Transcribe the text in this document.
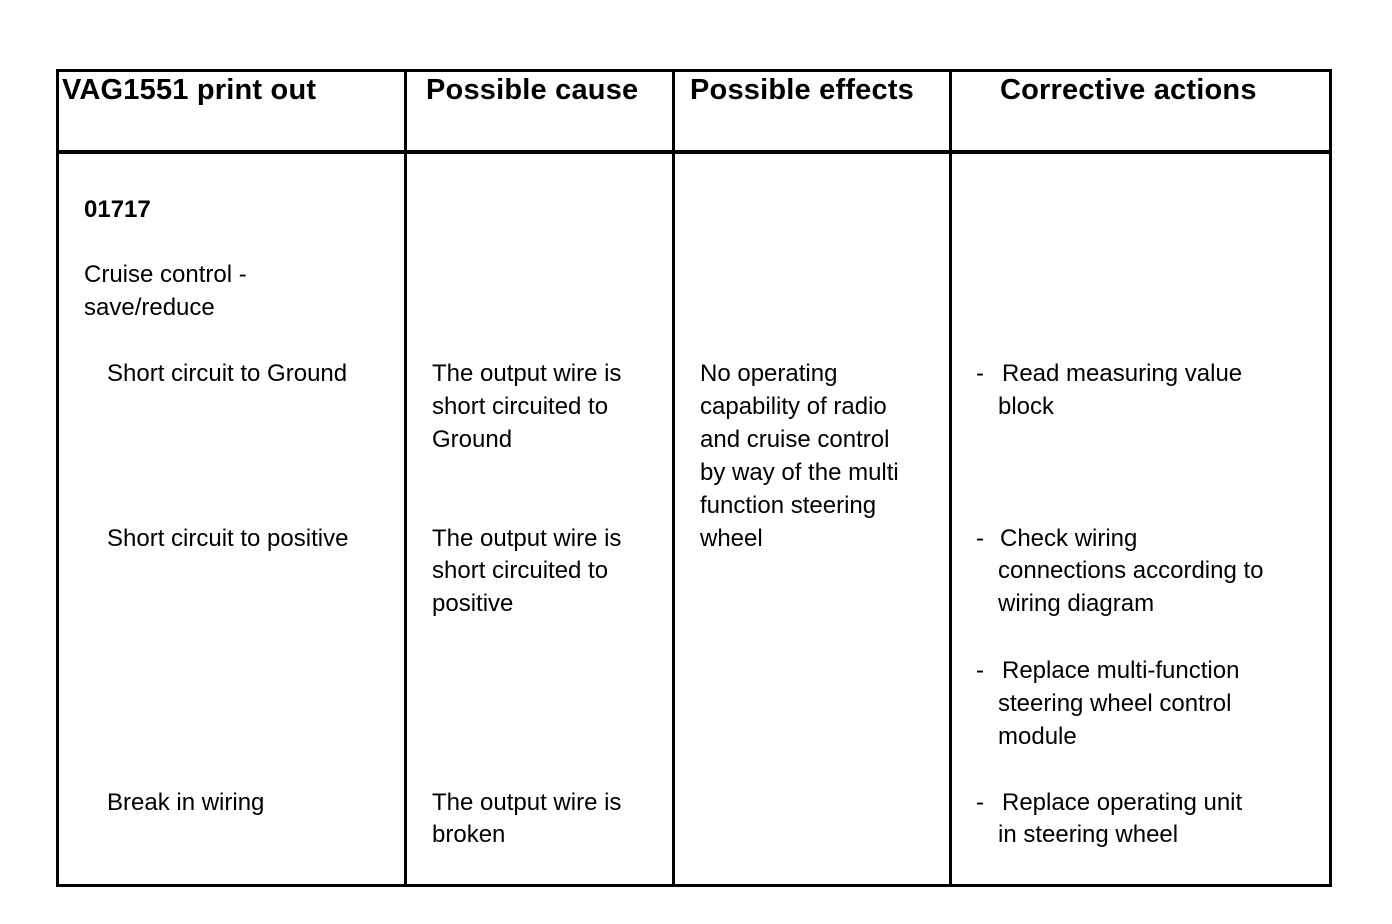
VAG1551 print out	Possible cause Possible effects	Corrective actions
01717
Cruise control -
save/reduce
Short circuit to Ground
Short circuit to positive
Break in wiring
The output wire is
short circuited to
Ground
The output wire is
short circuited to
positive
The output wire is
broken
No operating
capability of radio
and cruise control
by way of the multi
function steering
wheel
- Read measuring value
block
- Check wiring
connections according to
wiring diagram
- Replace multi-function
steering wheel control
module
- Replace operating unit
in steering wheel
